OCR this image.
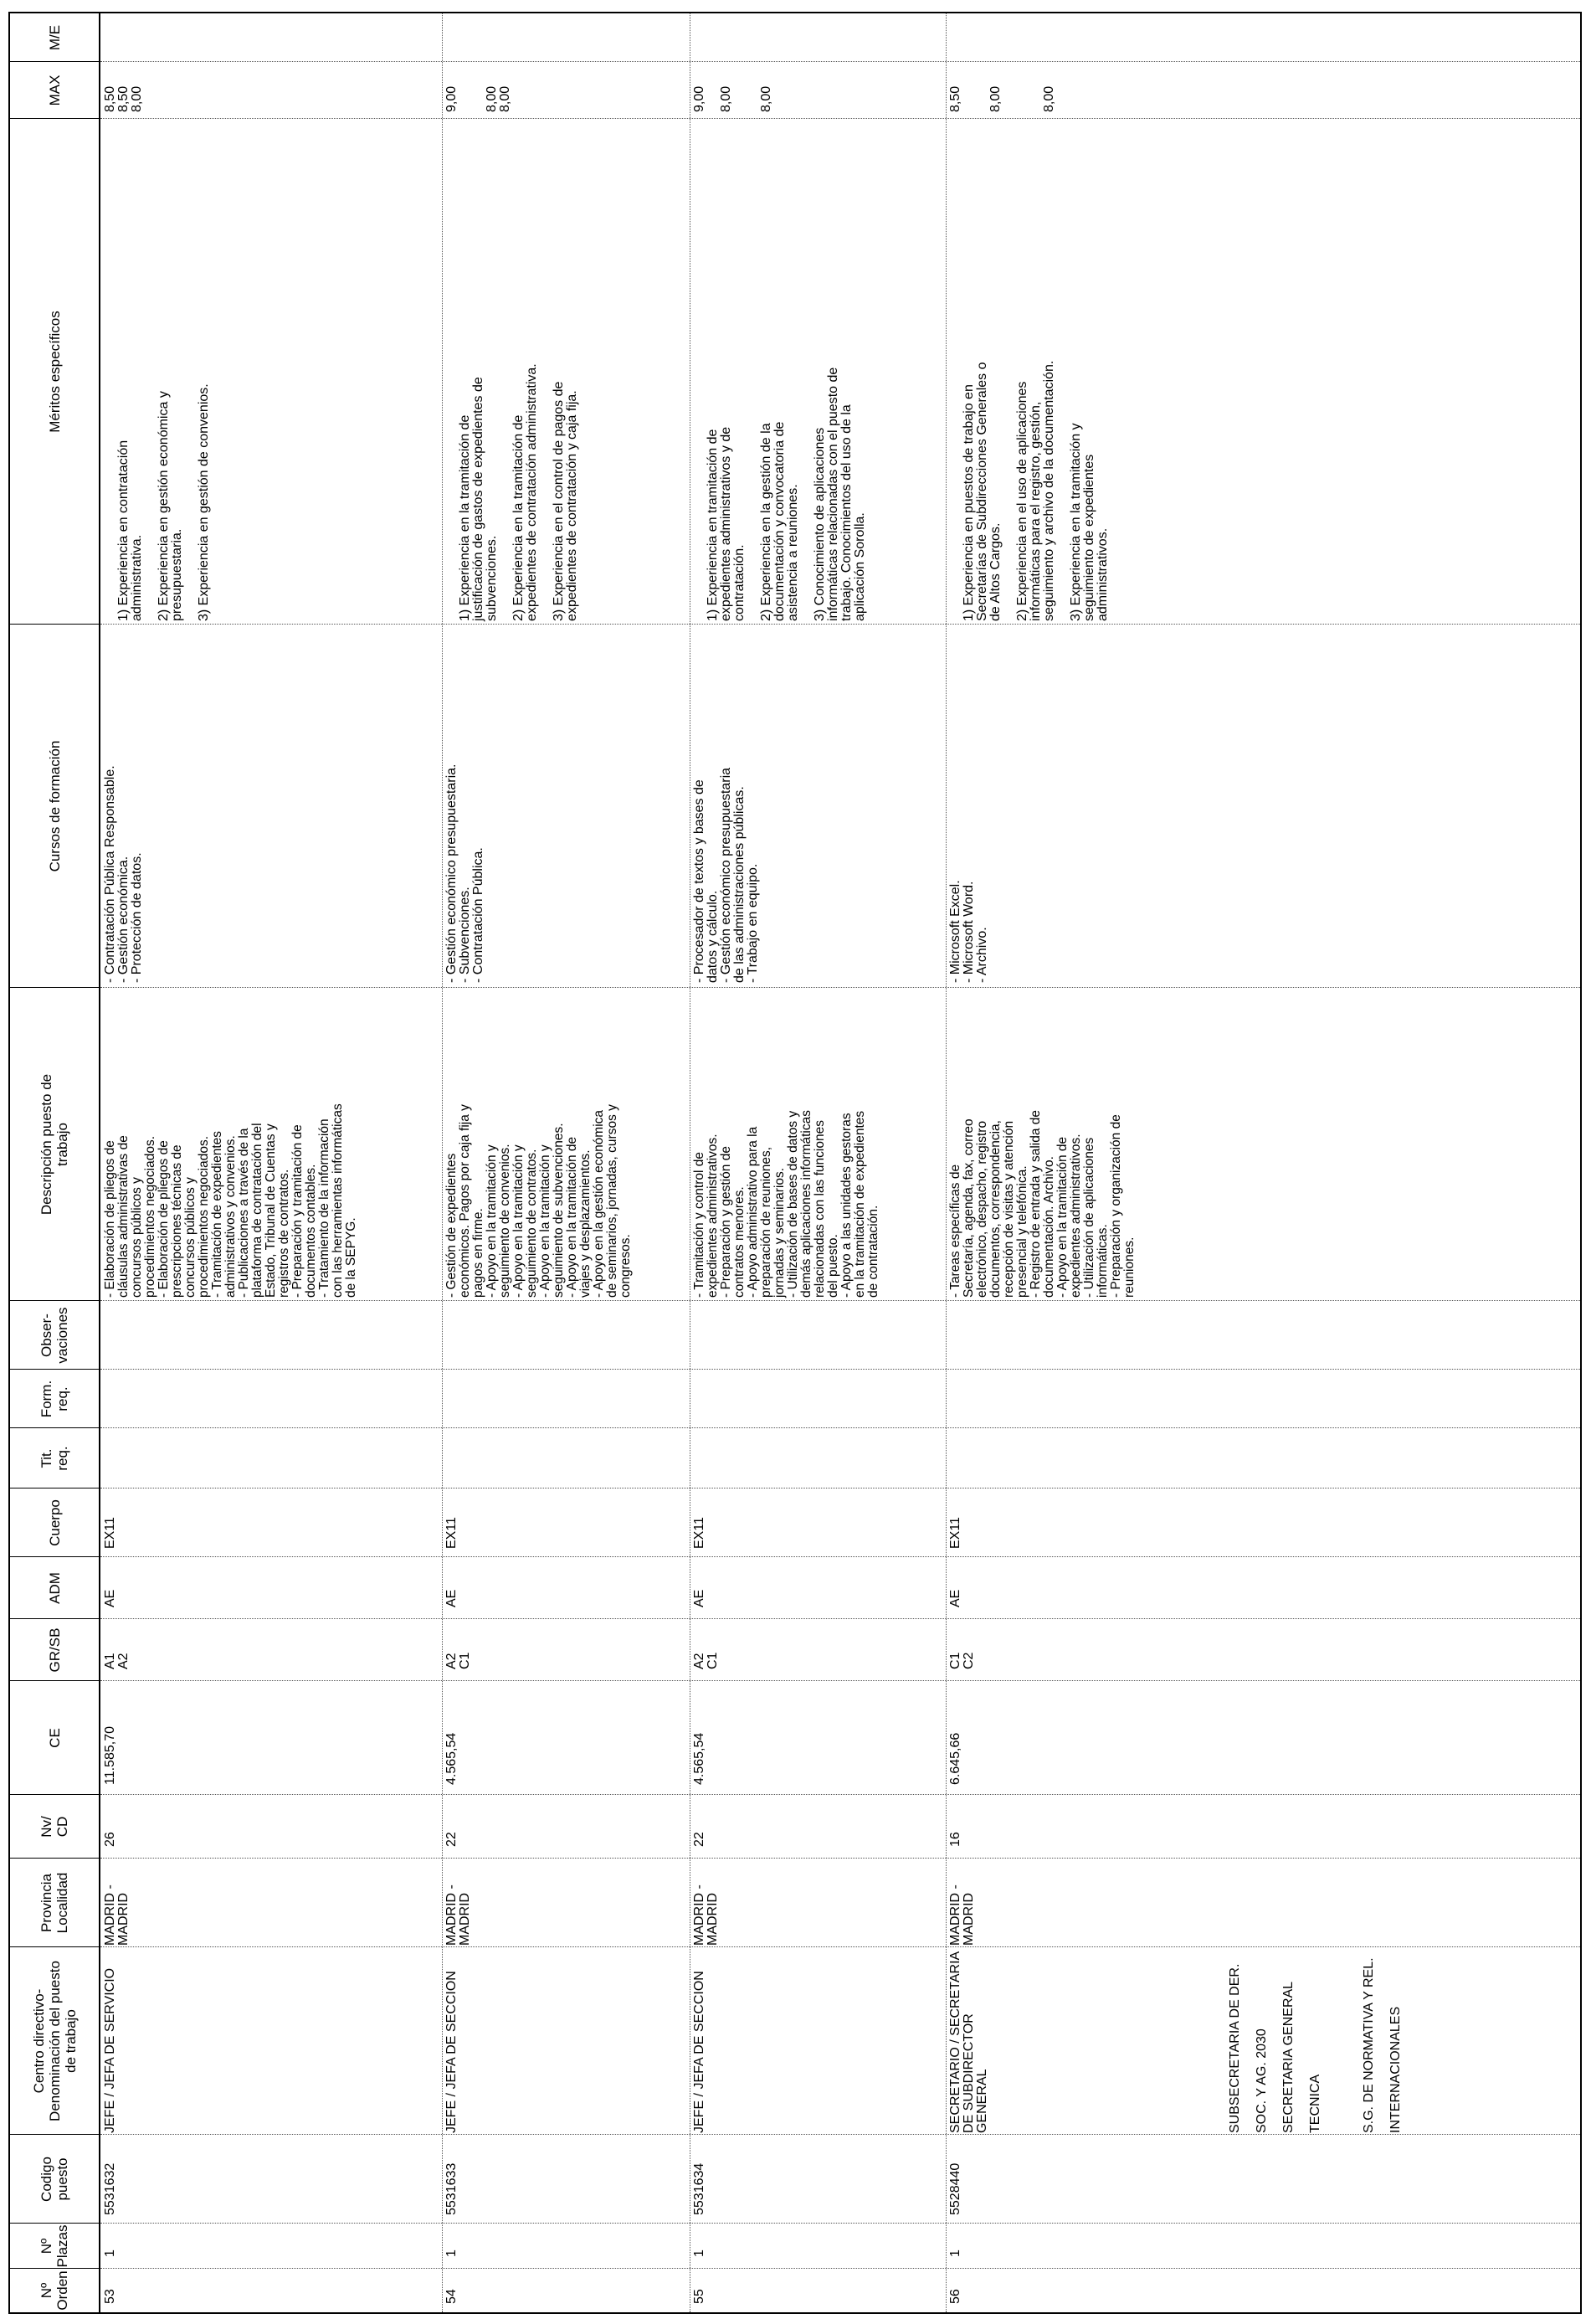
Nº
Orden
Nº
Plazas
Codigo
puesto
Centro directivo-
Denominación del puesto
de trabajo
Provincia
Localidad
Nv/
CD
CE
GR/SB
ADM
Cuerpo
Tit.
req.
Form.
req.
Obser-
vaciones
Descripción puesto de
trabajo
Cursos de formación
Méritos específicos
MAX
M/E
53
1
5531632
JEFE / JEFA DE SERVICIO
MADRID -
MADRID
26
11.585,70
A1
A2
AE
EX11
- Elaboración de pliegos de
cláusulas administrativas de
concursos públicos y
procedimientos negociados.
- Elaboración de pliegos de
prescripciones técnicas de
concursos públicos y
procedimientos negociados.
- Tramitación de expedientes
administrativos y convenios.
- Publicaciones a través de la
plataforma de contratación del
Estado, Tribunal de Cuentas y
registros de contratos.
- Preparación y tramitación de
documentos contables.
- Tratamiento de la información
con las herramientas informáticas
de la SEPYG.
- Contratación Pública Responsable.
- Gestión económica.
- Protección de datos.

1) Experiencia en contratación
administrativa. 2) Experiencia en gestión económica y
presupuestaria. 3) Experiencia en gestión de convenios.

8,50 8,50 8,00
54
1
5531633
JEFE / JEFA DE SECCION
MADRID -
MADRID
22
4.565,54
A2
C1
AE
EX11
- Gestión de expedientes
económicos. Pagos por caja fija y
pagos en firme.
- Apoyo en la tramitación y
seguimiento de convenios.
- Apoyo en la tramitación y
seguimiento de contratos.
- Apoyo en la tramitación y
seguimiento de subvenciones.
- Apoyo en la tramitación de
viajes y desplazamientos.
- Apoyo en la gestión económica
de seminarios, jornadas, cursos y
congresos.
- Gestión económico presupuestaria.
- Subvenciones.
- Contratación Pública.

1) Experiencia en la tramitación de
justificación de gastos de expedientes de
subvenciones. 2) Experiencia en la tramitación de
expedientes de contratación administrativa.

3) Experiencia en el control de pagos de
expedientes de contratación y caja fija.

9,00 8,00 8,00
55
1
5531634
JEFE / JEFA DE SECCION
MADRID -
MADRID
22
4.565,54
A2
C1
AE
EX11
- Tramitación y control de
expedientes administrativos.
- Preparación y gestión de
contratos menores.
- Apoyo administrativo para la
preparación de reuniones,
jornadas y seminarios.
- Utilización de bases de datos y
demás aplicaciones informáticas
relacionadas con las funciones
del puesto.
- Apoyo a las unidades gestoras
en la tramitación de expedientes
de contratación.
- Procesador de textos y bases de
datos y cálculo.
- Gestión económico presupuestaria
de las administraciones públicas.
- Trabajo en equipo.

1) Experiencia en tramitación de
expedientes administrativos y de
contratación. 2) Experiencia en la gestión de la
documentación y convocatoria de
asistencia a reuniones.

3) Conocimiento de aplicaciones
informáticas relacionadas con el puesto de
trabajo. Conocimientos del uso de la
aplicación Sorolla.

9,00 8,00 8,00
56
1
5528440
SECRETARIO / SECRETARIA
DE SUBDIRECTOR GENERAL
MADRID -
MADRID
16
6.645,66
C1
C2
AE
EX11
- Tareas específicas de
Secretaría, agenda, fax, correo
electrónico, despacho, registro
documentos, correspondencia,
recepción de visitas y atención
presencial y telefónica.
- Registro de entrada y salida de
documentación. Archivo.
- Apoyo en la tramitación de
expedientes administrativos.
- Utilización de aplicaciones
informáticas.
- Preparación y organización de
reuniones.
- Microsoft Excel.
- Microsoft Word.
- Archivo.

1) Experiencia en puestos de trabajo en
Secretarías de Subdirecciones Generales o
de Altos Cargos.

2) Experiencia en el uso de aplicaciones
informáticas para el registro, gestión,
seguimiento y archivo de la documentación.

3) Experiencia en la tramitación y
seguimiento de expedientes
administrativos.

8,50 8,00	8,00

SUBSECRETARIA DE DER. SOC. Y AG. 2030 SECRETARIA GENERAL TECNICA	S.G. DE NORMATIVA Y REL. INTERNACIONALES
